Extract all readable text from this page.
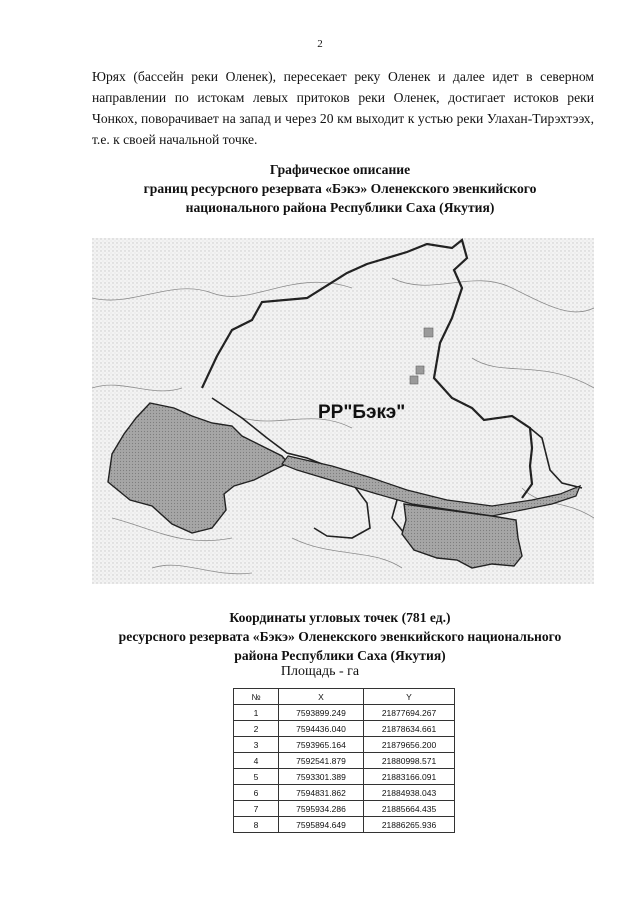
2

Юрях (бассейн реки Оленек), пересекает реку Оленек и далее идет в северном направлении по истокам левых притоков реки Оленек, достигает истоков реки Чонкох, поворачивает на запад и через 20 км выходит к устью реки Улахан-Тирэхтээх, т.е. к своей начальной точке.

Графическое описание
границ ресурсного резервата «Бэкэ» Оленекского эвенкийского
национального района Республики Саха (Якутия)
РР"Бэкэ"
Координаты угловых точек (781 ед.)
ресурсного резервата «Бэкэ» Оленекского эвенкийского национального
района Республики Саха (Якутия)
Площадь - га
№	X	Y
1	7593899.249	21877694.267
2	7594436.040	21878634.661
3	7593965.164	21879656.200
4	7592541.879	21880998.571
5	7593301.389	21883166.091
6	7594831.862	21884938.043
7	7595934.286	21885664.435
8	7595894.649	21886265.936
